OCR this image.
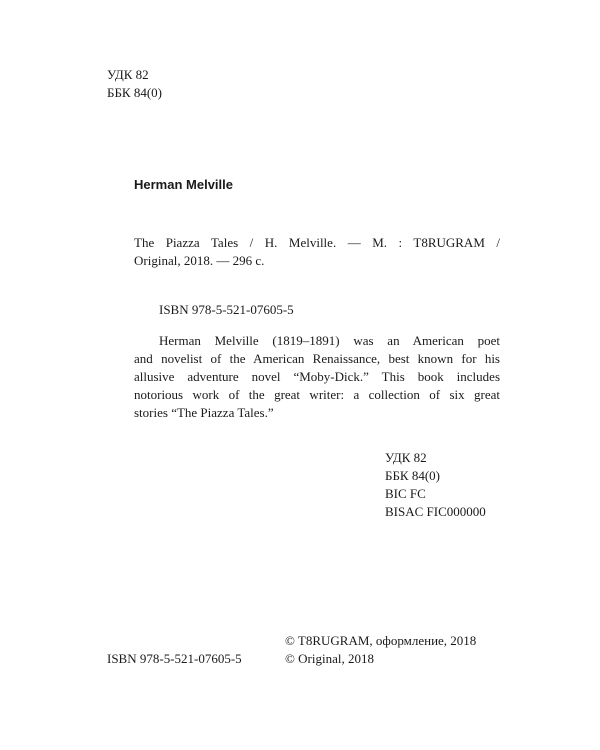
УДК 82
ББК 84(0)
Herman Melville
The Piazza Tales / H. Melville. — M. : T8RUGRAM /
Original, 2018. — 296 с.
ISBN 978-5-521-07605-5
Herman Melville (1819–1891) was an American poet
and novelist of the American Renaissance, best known for his
allusive adventure novel “Moby-Dick.” This book includes
notorious work of the great writer: a collection of six great
stories “The Piazza Tales.”
УДК 82
ББК 84(0)
BIC FC
BISAC FIC000000
ISBN 978-5-521-07605-5
© T8RUGRAM, оформление, 2018
© Original, 2018
